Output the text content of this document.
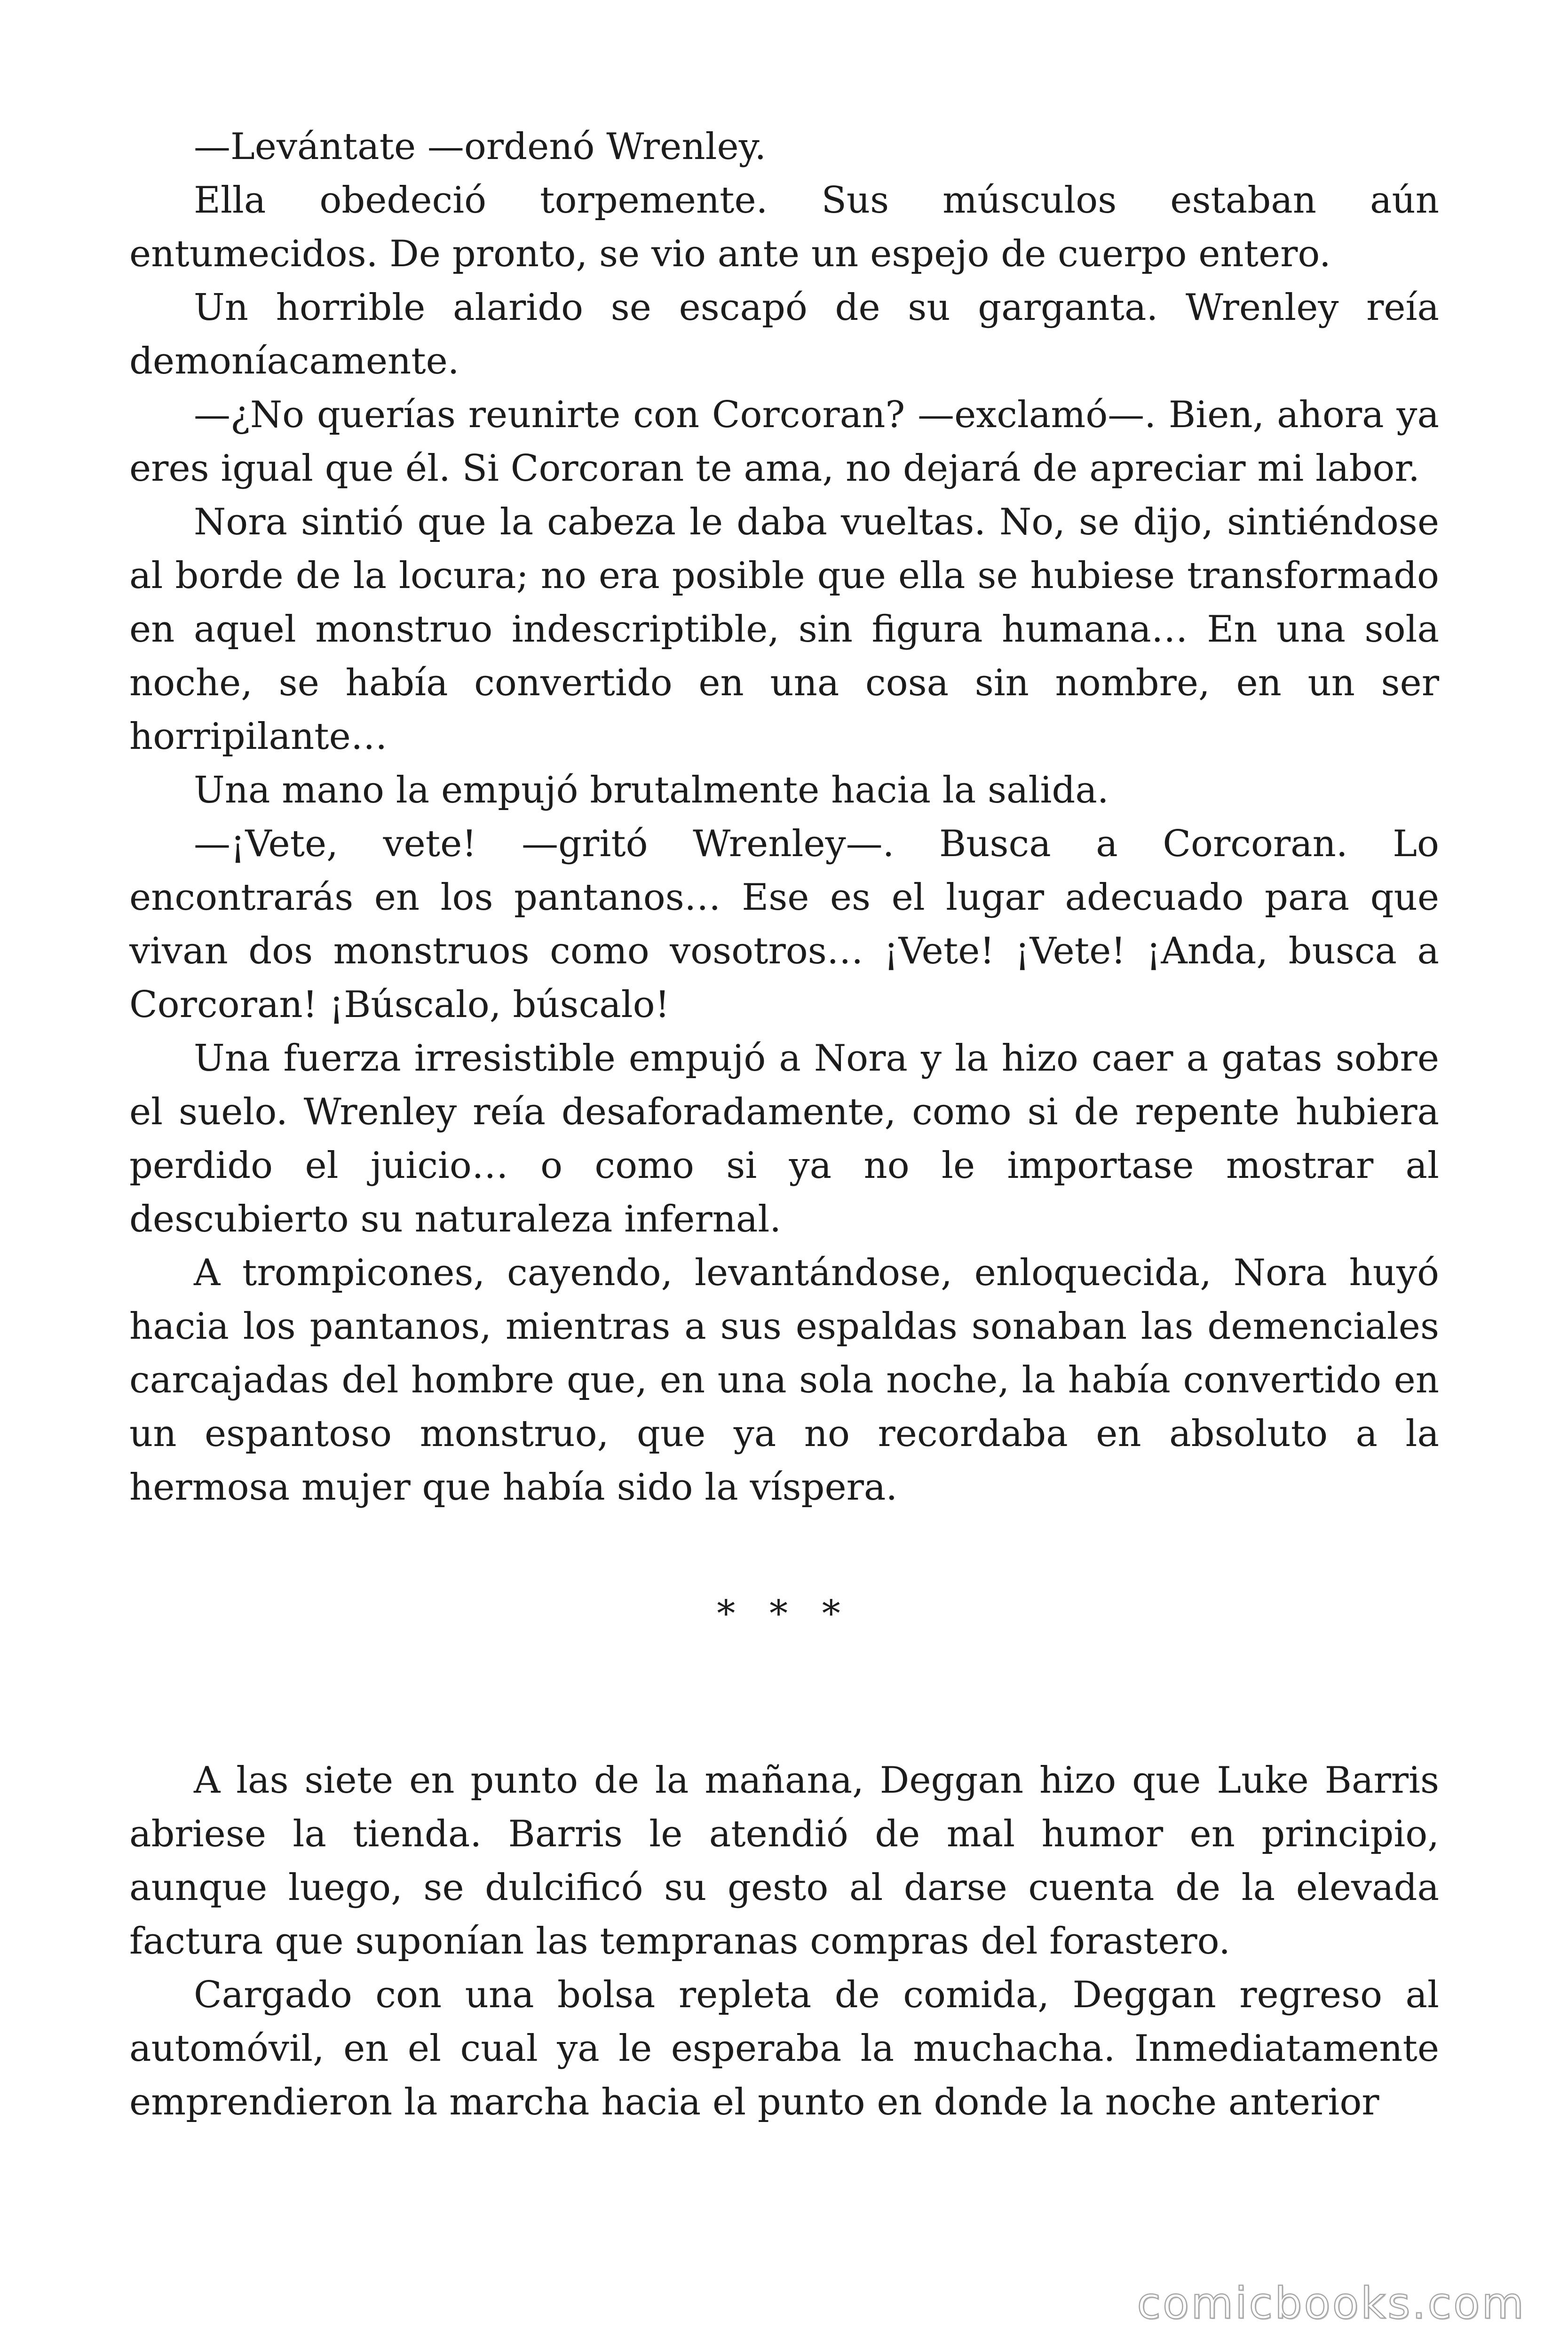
—Levántate —ordenó Wrenley.

Ella obedeció torpemente. Sus músculos estaban aún entumecidos. De pronto, se vio ante un espejo de cuerpo entero.

Un horrible alarido se escapó de su garganta. Wrenley reía demoníacamente.

—¿No querías reunirte con Corcoran? —exclamó—. Bien, ahora ya eres igual que él. Si Corcoran te ama, no dejará de apreciar mi labor.

Nora sintió que la cabeza le daba vueltas. No, se dijo, sintiéndose al borde de la locura; no era posible que ella se hubiese transformado en aquel monstruo indescriptible, sin figura humana… En una sola noche, se había convertido en una cosa sin nombre, en un ser horripilante…

Una mano la empujó brutalmente hacia la salida.

—¡Vete, vete! —gritó Wrenley—. Busca a Corcoran. Lo encontrarás en los pantanos… Ese es el lugar adecuado para que vivan dos monstruos como vosotros… ¡Vete! ¡Vete! ¡Anda, busca a Corcoran! ¡Búscalo, búscalo!

Una fuerza irresistible empujó a Nora y la hizo caer a gatas sobre el suelo. Wrenley reía desaforadamente, como si de repente hubiera perdido el juicio… o como si ya no le importase mostrar al descubierto su naturaleza infernal.

A trompicones, cayendo, levantándose, enloquecida, Nora huyó hacia los pantanos, mientras a sus espaldas sonaban las demenciales carcajadas del hombre que, en una sola noche, la había convertido en un espantoso monstruo, que ya no recordaba en absoluto a la hermosa mujer que había sido la víspera.

* * *

A las siete en punto de la mañana, Deggan hizo que Luke Barris abriese la tienda. Barris le atendió de mal humor en principio, aunque luego, se dulcificó su gesto al darse cuenta de la elevada factura que suponían las tempranas compras del forastero.

Cargado con una bolsa repleta de comida, Deggan regreso al automóvil, en el cual ya le esperaba la muchacha. Inmediatamente emprendieron la marcha hacia el punto en donde la noche anterior

comicbooks.com
